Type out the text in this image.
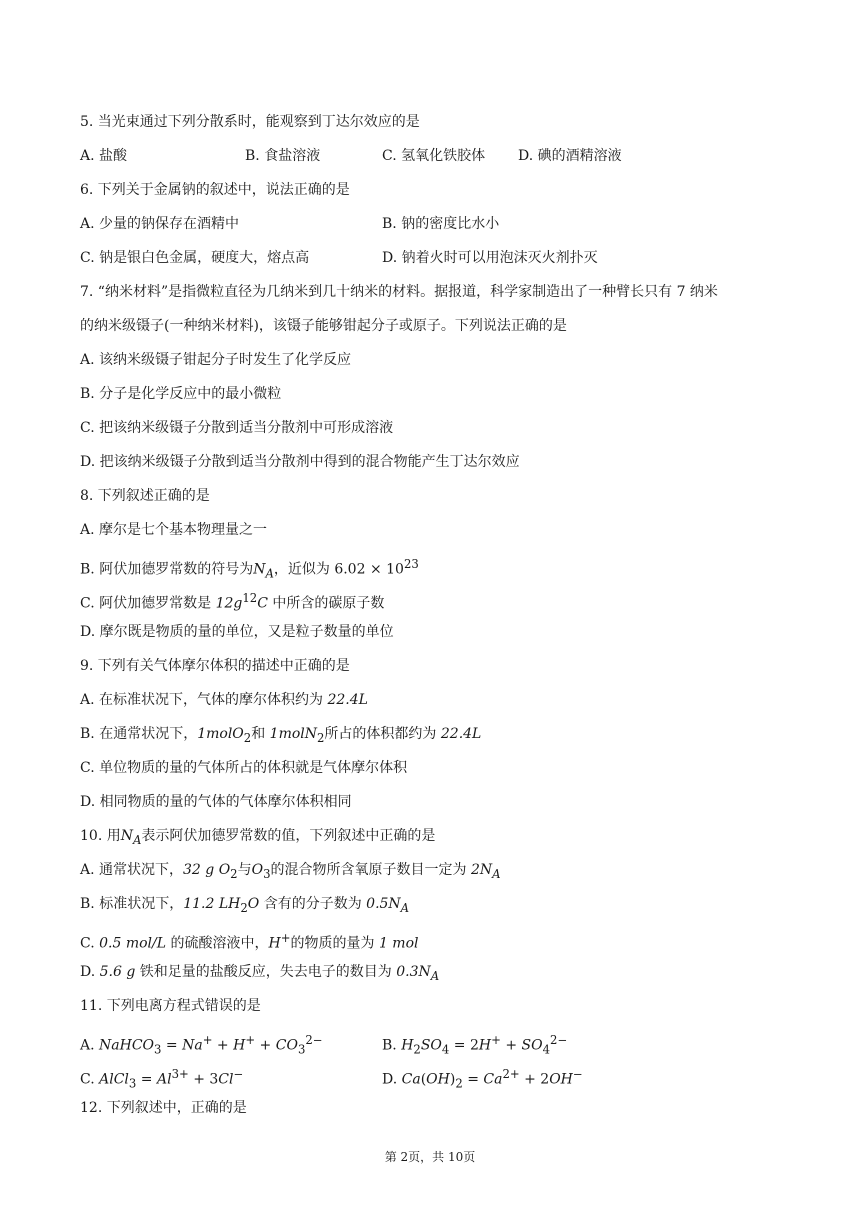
5. 当光束通过下列分散系时，能观察到丁达尔效应的是
A. 盐酸	B. 食盐溶液	C. 氢氧化铁胶体 D. 碘的酒精溶液
6. 下列关于金属钠的叙述中，说法正确的是
A. 少量的钠保存在酒精中	B. 钠的密度比水小
C. 钠是银白色金属，硬度大，熔点高	D. 钠着火时可以用泡沫灭火剂扑灭
7. “纳米材料”是指微粒直径为几纳米到几十纳米的材料。据报道，科学家制造出了一种臂长只有 7 纳米
的纳米级镊子(一种纳米材料)，该镊子能够钳起分子或原子。下列说法正确的是
A. 该纳米级镊子钳起分子时发生了化学反应
B. 分子是化学反应中的最小微粒
C. 把该纳米级镊子分散到适当分散剂中可形成溶液
D. 把该纳米级镊子分散到适当分散剂中得到的混合物能产生丁达尔效应
8. 下列叙述正确的是
A. 摩尔是七个基本物理量之一
B. 阿伏加德罗常数的符号为$N_A$，近似为 $6.02 \times 10^{23}$
C. 阿伏加德罗常数是 $12g^{12}C$ 中所含的碳原子数
D. 摩尔既是物质的量的单位，又是粒子数量的单位
9. 下列有关气体摩尔体积的描述中正确的是
A. 在标准状况下，气体的摩尔体积约为 22.4L
B. 在通常状况下，1molO$_2$和 1molN$_2$所占的体积都约为 22.4L
C. 单位物质的量的气体所占的体积就是气体摩尔体积
D. 相同物质的量的气体的气体摩尔体积相同
10. 用$N_A$表示阿伏加德罗常数的值，下列叙述中正确的是
A. 通常状况下，32 g $O_2$与$O_3$的混合物所含氧原子数目一定为 $2N_A$
B. 标准状况下，11.2 $LH_2O$ 含有的分子数为 $0.5N_A$
C. 0.5 mol/L 的硫酸溶液中，H+的物质的量为 1 mol
D. 5.6 g 铁和足量的盐酸反应，失去电子的数目为 $0.3N_A$
11. 下列电离方程式错误的是
A. NaHCO$_3$ = $Na^+ + H^+ + CO_3^{2-}$	B. $H_2SO_4 = 2H^+ + SO_4^{2-}$
C. AlCl$_3$ = $Al^{3+} + 3Cl^-$	D. $Ca(OH)_2 = Ca^{2+} + 2OH^-$
12. 下列叙述中，正确的是
第 2页，共 10页
